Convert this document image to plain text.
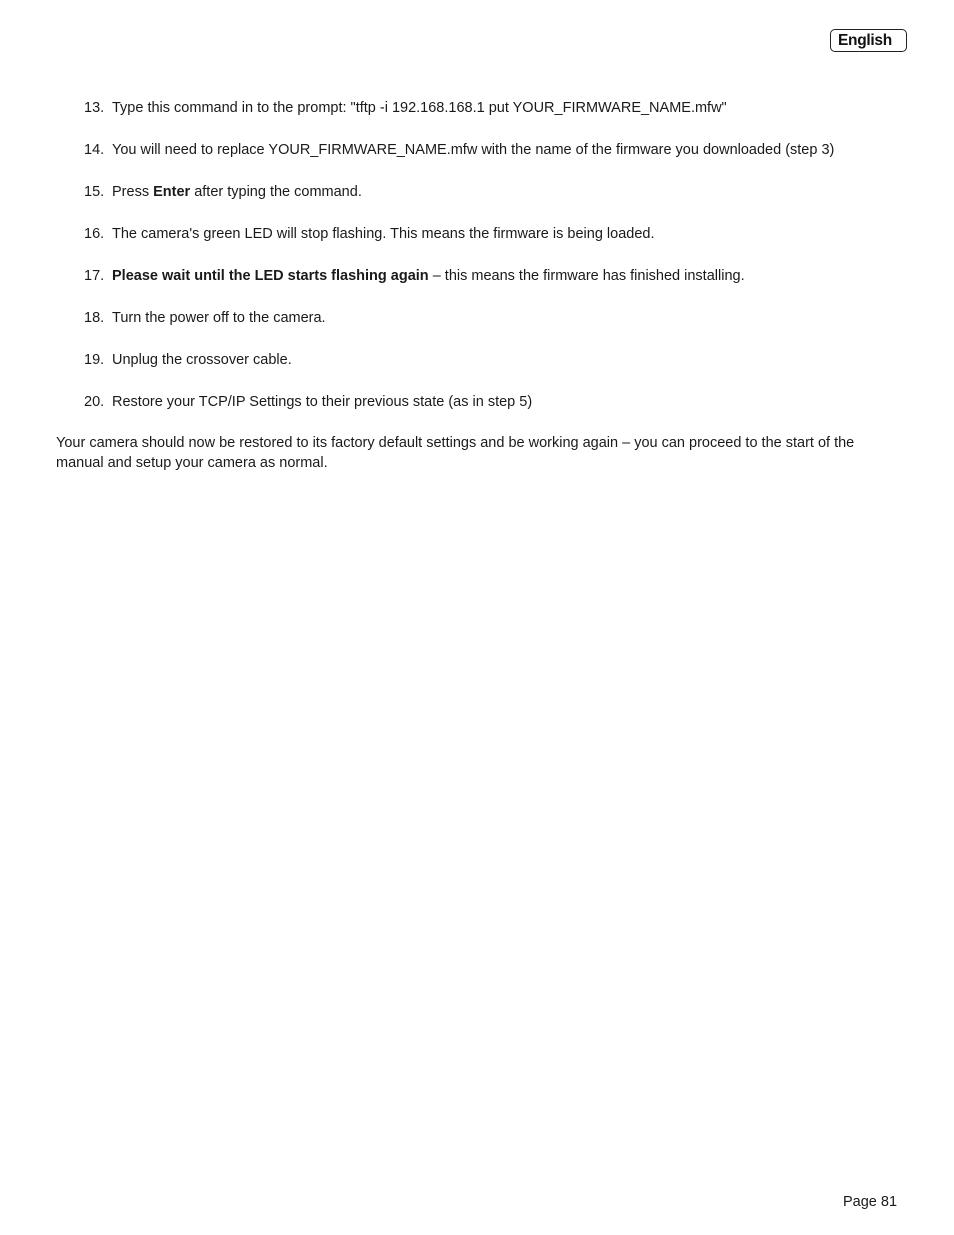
English
13. Type this command in to the prompt: "tftp -i 192.168.168.1 put YOUR_FIRMWARE_NAME.mfw"
14. You will need to replace YOUR_FIRMWARE_NAME.mfw with the name of the firmware you downloaded (step 3)
15. Press Enter after typing the command.
16. The camera's green LED will stop flashing. This means the firmware is being loaded.
17. Please wait until the LED starts flashing again – this means the firmware has finished installing.
18. Turn the power off to the camera.
19. Unplug the crossover cable.
20. Restore your TCP/IP Settings to their previous state (as in step 5)

Your camera should now be restored to its factory default settings and be working again – you can proceed to the start of the manual and setup your camera as normal.

Page 81
